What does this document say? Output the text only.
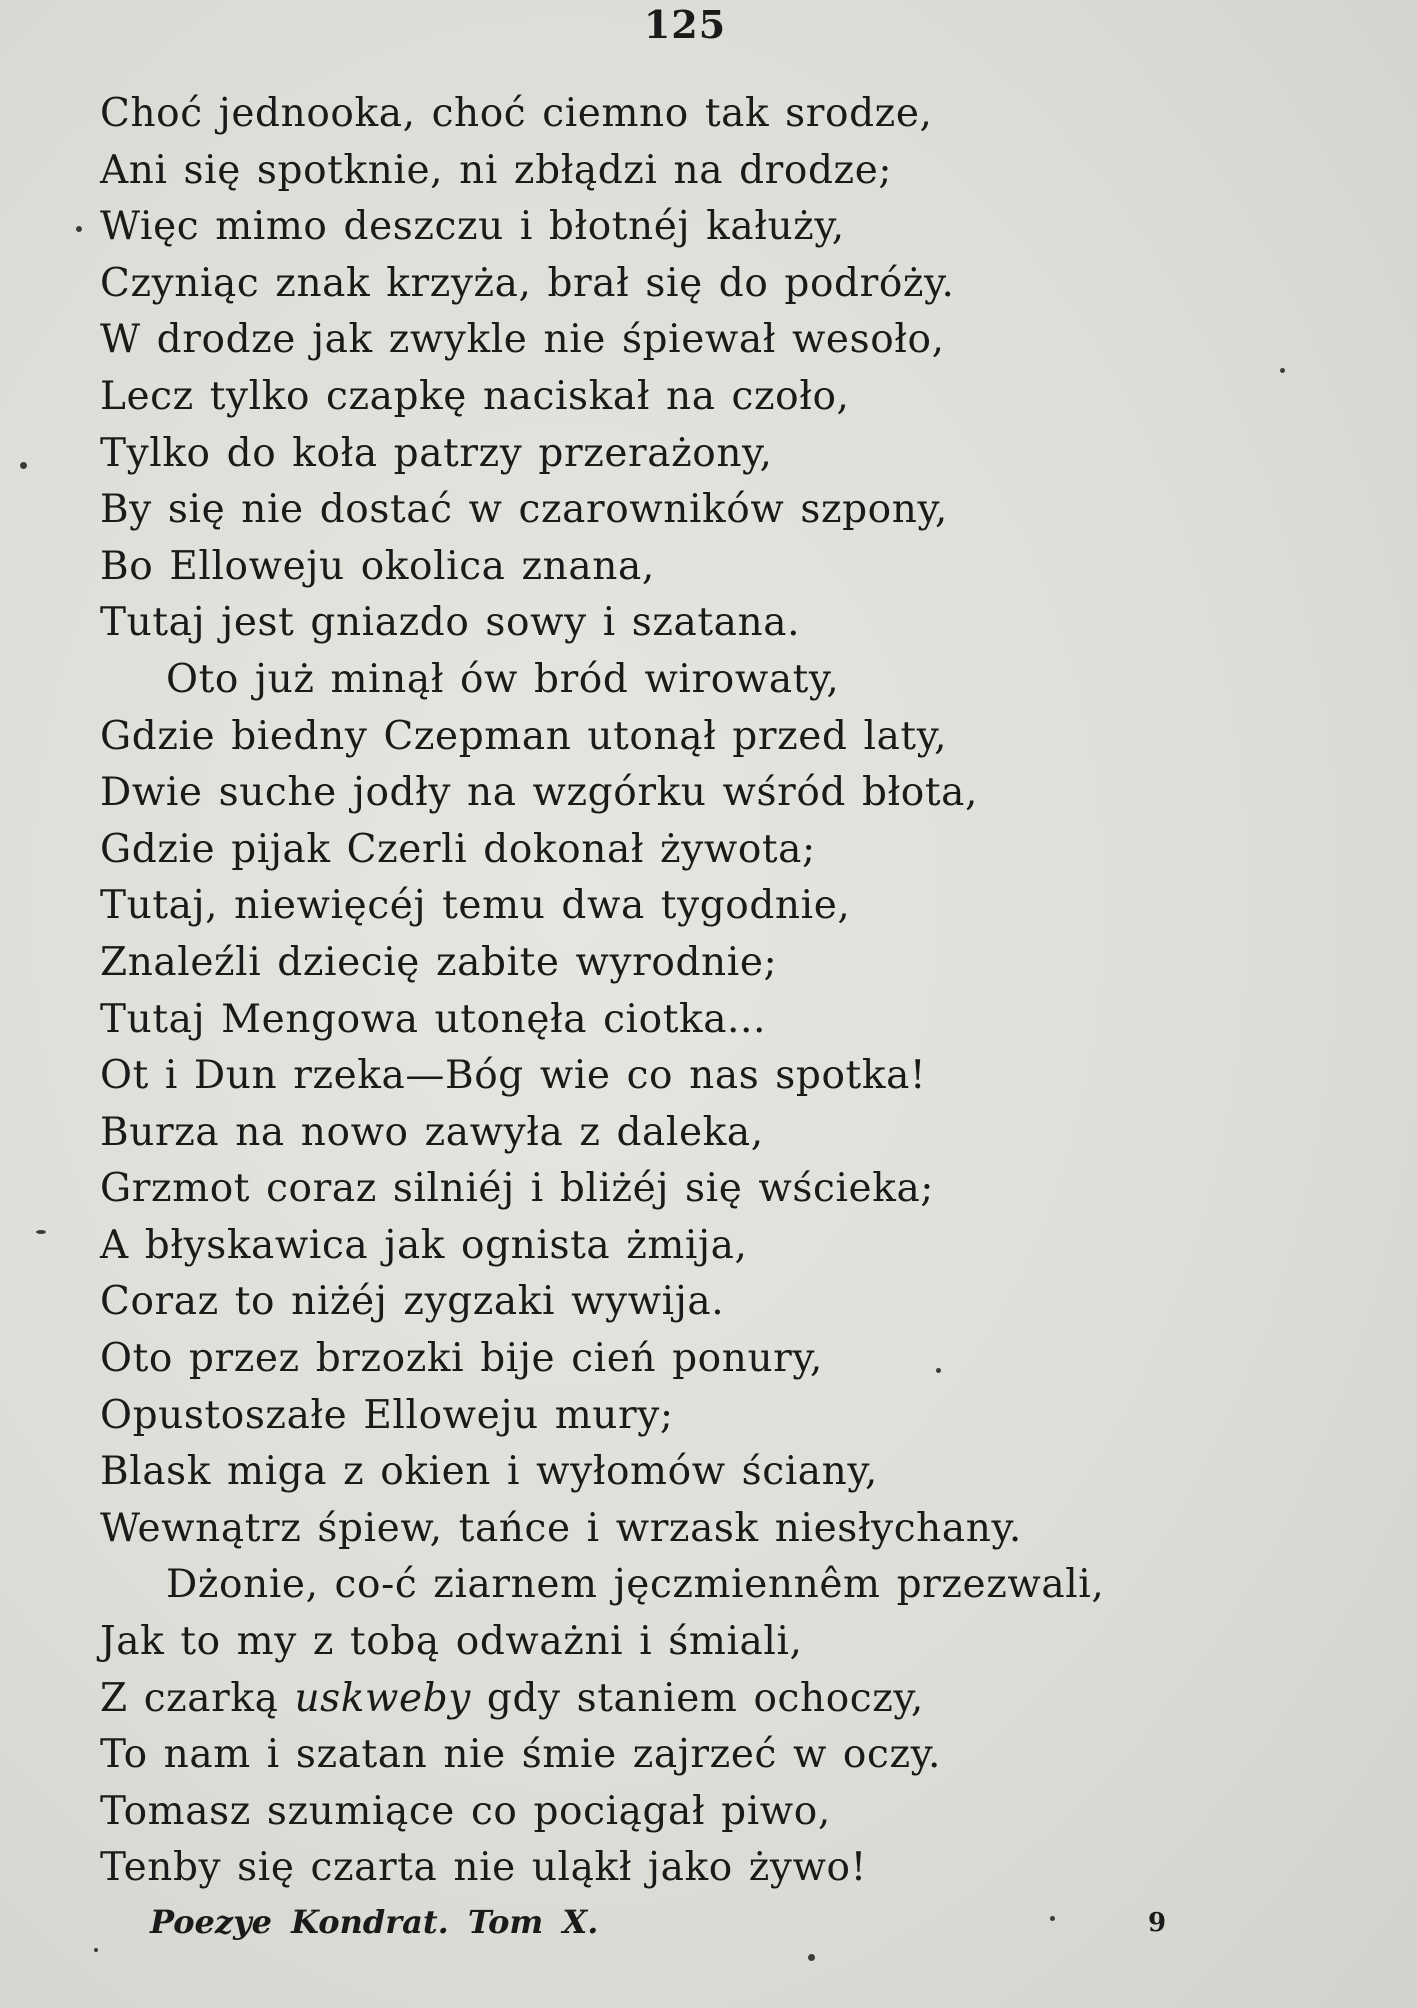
125
Choć jednooka, choć ciemno tak srodze,
Ani się spotknie, ni zbłądzi na drodze;
Więc mimo deszczu i błotnéj kałuży,
Czyniąc znak krzyża, brał się do podróży.
W drodze jak zwykle nie śpiewał wesoło,
Lecz tylko czapkę naciskał na czoło,
Tylko do koła patrzy przerażony,
By się nie dostać w czarowników szpony,
Bo Elloweju okolica znana,
Tutaj jest gniazdo sowy i szatana.
Oto już minął ów bród wirowaty,
Gdzie biedny Czepman utonął przed laty,
Dwie suche jodły na wzgórku wśród błota,
Gdzie pijak Czerli dokonał żywota;
Tutaj, niewięcéj temu dwa tygodnie,
Znaleźli dziecię zabite wyrodnie;
Tutaj Mengowa utonęła ciotka...
Ot i Dun rzeka—Bóg wie co nas spotka!
Burza na nowo zawyła z daleka,
Grzmot coraz silniéj i bliżéj się wścieka;
A błyskawica jak ognista żmija,
Coraz to niżéj zygzaki wywija.
Oto przez brzozki bije cień ponury,
Opustoszałe Elloweju mury;
Blask miga z okien i wyłomów ściany,
Wewnątrz śpiew, tańce i wrzask niesłychany.
Dżonie, co-ć ziarnem jęczmiennêm przezwali,
Jak to my z tobą odważni i śmiali,
Z czarką uskweby gdy staniem ochoczy,
To nam i szatan nie śmie zajrzeć w oczy.
Tomasz szumiące co pociągał piwo,
Tenby się czarta nie uląkł jako żywo!
Poezye Kondrat. Tom X.	9
